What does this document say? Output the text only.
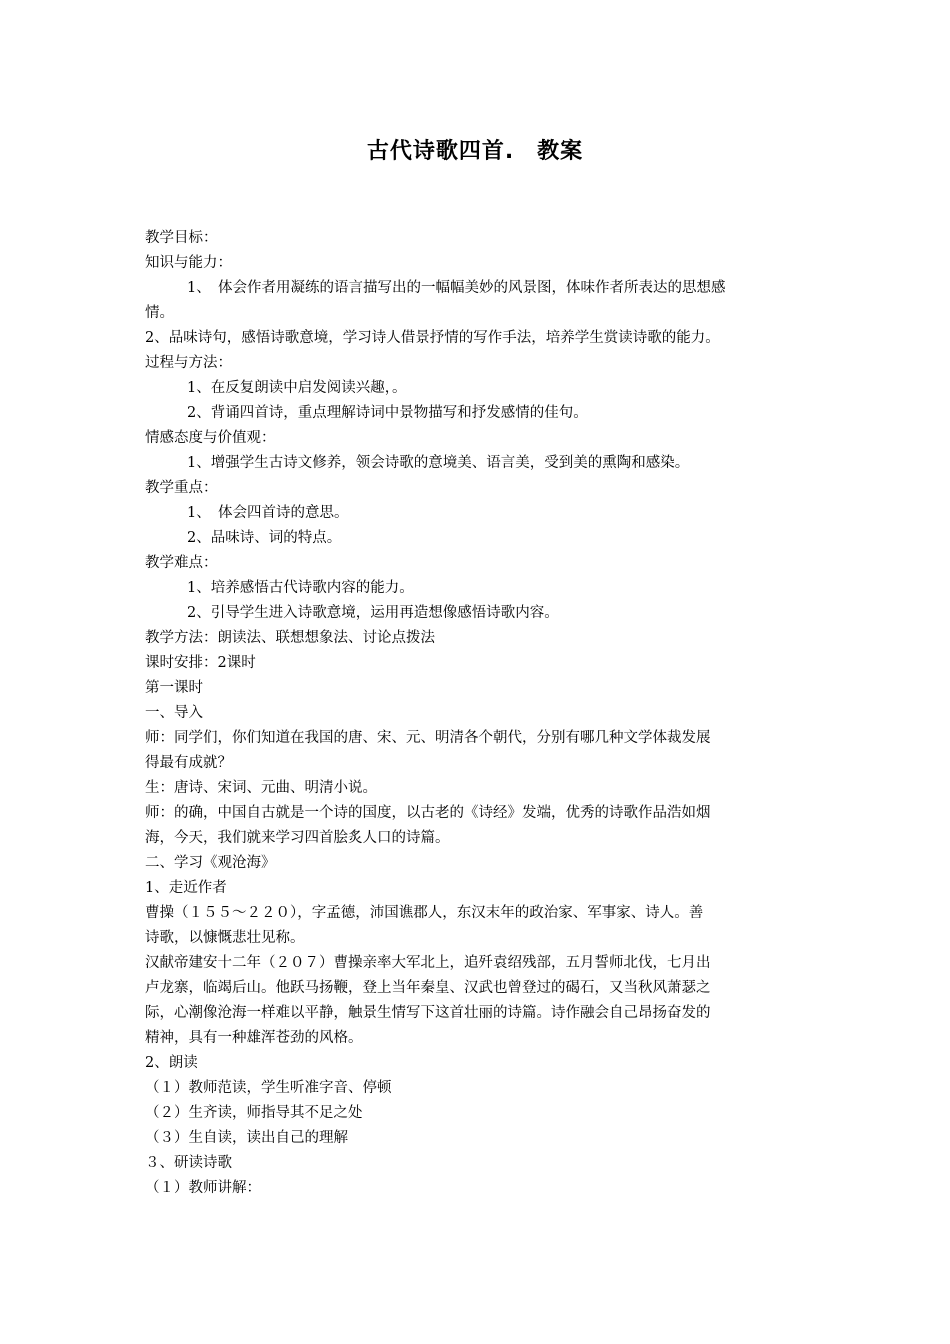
古代诗歌四首.　教案

教学目标：

知识与能力：

1、　体会作者用凝练的语言描写出的一幅幅美妙的风景图，体味作者所表达的思想感

情。

2、品味诗句，感悟诗歌意境，学习诗人借景抒情的写作手法，培养学生赏读诗歌的能力。

过程与方法：

1、在反复朗读中启发阅读兴趣，。

2、背诵四首诗，重点理解诗词中景物描写和抒发感情的佳句。

情感态度与价值观：

1、增强学生古诗文修养，领会诗歌的意境美、语言美，受到美的熏陶和感染。

教学重点：

1、　体会四首诗的意思。

2、品味诗、词的特点。

教学难点：

1、培养感悟古代诗歌内容的能力。

2、引导学生进入诗歌意境，运用再造想像感悟诗歌内容。

教学方法：朗读法、联想想象法、讨论点拨法

课时安排：2课时

第一课时

一、导入

师：同学们，你们知道在我国的唐、宋、元、明清各个朝代，分别有哪几种文学体裁发展

得最有成就？

生：唐诗、宋词、元曲、明清小说。

师：的确，中国自古就是一个诗的国度，以古老的《诗经》发端，优秀的诗歌作品浩如烟

海，今天，我们就来学习四首脍炙人口的诗篇。

二、学习《观沧海》

1、走近作者

曹操（１５５～２２０），字孟德，沛国谯郡人，东汉末年的政治家、军事家、诗人。善

诗歌，以慷慨悲壮见称。

汉献帝建安十二年（２０７）曹操亲率大军北上，追歼袁绍残部，五月誓师北伐，七月出

卢龙寨，临竭后山。他跃马扬鞭，登上当年秦皇、汉武也曾登过的碣石，又当秋风萧瑟之

际，心潮像沧海一样难以平静，触景生情写下这首壮丽的诗篇。诗作融会自己昂扬奋发的

精神，具有一种雄浑苍劲的风格。

2、朗读

（１）教师范读，学生听准字音、停顿

（２）生齐读，师指导其不足之处

（３）生自读，读出自己的理解

３、研读诗歌

（１）教师讲解：
